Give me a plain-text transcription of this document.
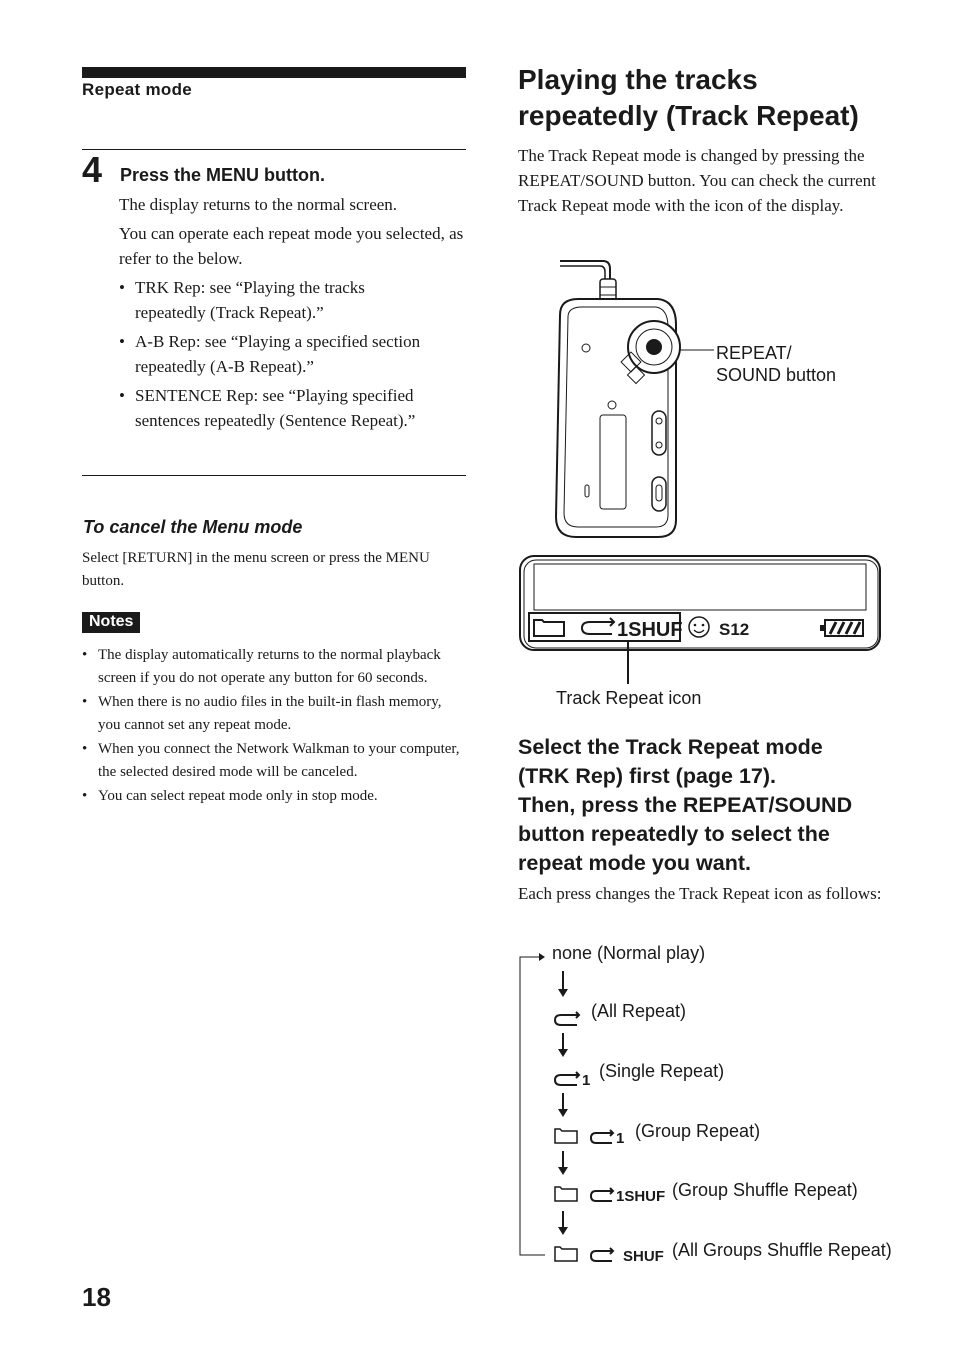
Repeat mode
4 Press the MENU button.
The display returns to the normal screen.
You can operate each repeat mode you selected, as refer to the below.
• TRK Rep: see “Playing the tracks repeatedly (Track Repeat).”
• A-B Rep: see “Playing a specified section repeatedly (A-B Repeat).”
• SENTENCE Rep: see “Playing specified sentences repeatedly (Sentence Repeat).”
To cancel the Menu mode
Select [RETURN] in the menu screen or press the MENU button.
Notes
• The display automatically returns to the normal playback screen if you do not operate any button for 60 seconds.
• When there is no audio files in the built-in flash memory, you cannot set any repeat mode.
• When you connect the Network Walkman to your computer, the selected desired mode will be canceled.
• You can select repeat mode only in stop mode.
18
Playing the tracks
repeatedly (Track Repeat)
The Track Repeat mode is changed by pressing the REPEAT/SOUND button. You can check the current Track Repeat mode with the icon of the display.
REPEAT/
SOUND button
1SHUF S12
Track Repeat icon
Select the Track Repeat mode
(TRK Rep) first (page 17).
Then, press the REPEAT/SOUND
button repeatedly to select the
repeat mode you want.
Each press changes the Track Repeat icon as follows:
1
1
1SHUF
SHUF
none (Normal play)
(All Repeat)
(Single Repeat)
(Group Repeat)
(Group Shuffle Repeat)
(All Groups Shuffle Repeat)
